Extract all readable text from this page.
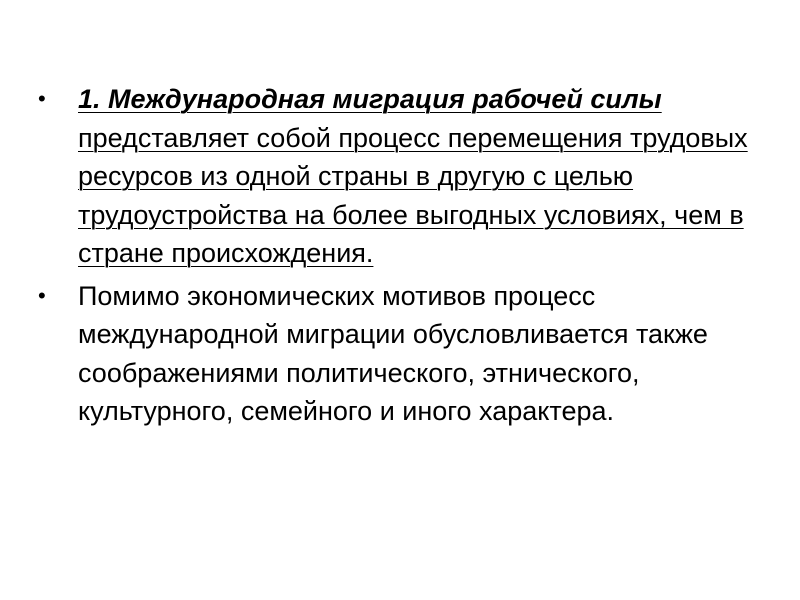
•	1. Международная миграция рабочей силы
представляет собой процесс перемещения трудовых ресурсов из одной страны в другую с целью трудоустройства на более выгодных условиях, чем в стране происхождения.
•	Помимо экономических мотивов процесс международной миграции обусловливается также соображениями политического, этнического, культурного, семейного и иного характера.
